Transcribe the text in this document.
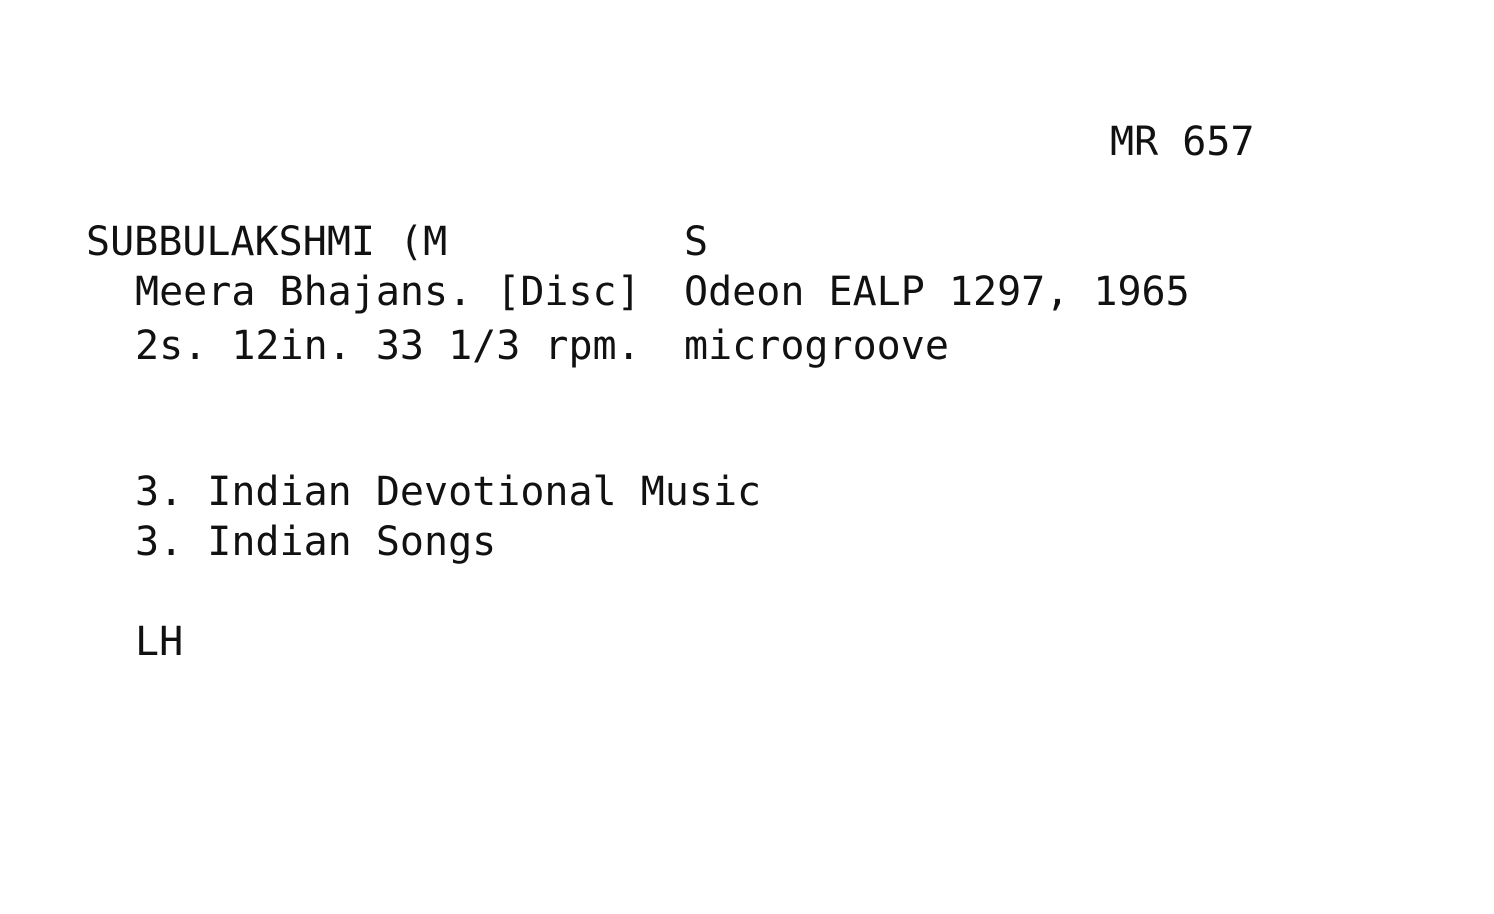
MR 657
SUBBULAKSHMI (M	S
Meera Bhajans. [Disc] Odeon EALP 1297, 1965
2s. 12in. 33 1/3 rpm. microgroove
3. Indian Devotional Music
3. Indian Songs
LH
